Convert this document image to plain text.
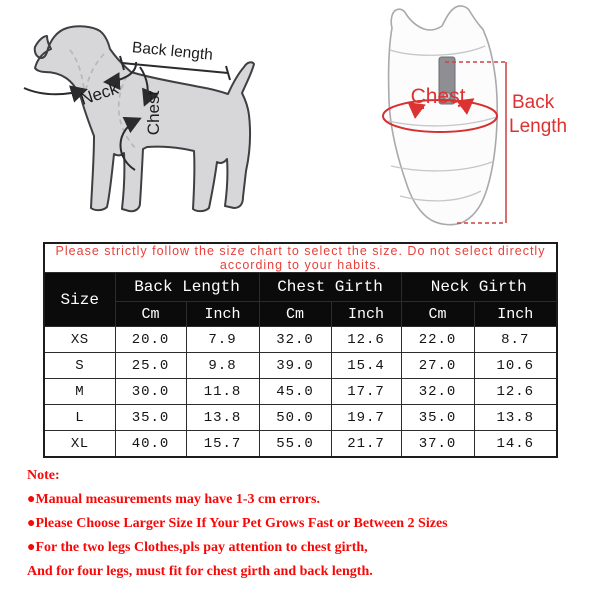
Back length
Neck Chest	Chest Back
Length
Please strictly follow the size chart to select the size. Do not select directly according to your habits.						
Size	Back Length		Chest Girth		Neck Girth	
	Cm	Inch	Cm	Inch	Cm	Inch
XS	20.0	7.9	32.0	12.6	22.0	8.7
S	25.0	9.8	39.0	15.4	27.0	10.6
M	30.0	11.8	45.0	17.7	32.0	12.6
L	35.0	13.8	50.0	19.7	35.0	13.8
XL	40.0	15.7	55.0	21.7	37.0	14.6
Note:
●Manual measurements may have 1-3 cm errors.
●Please Choose Larger Size If Your Pet Grows Fast or Between 2 Sizes
●For the two legs Clothes,pls pay attention to chest girth,
And for four legs, must fit for chest girth and back length.
